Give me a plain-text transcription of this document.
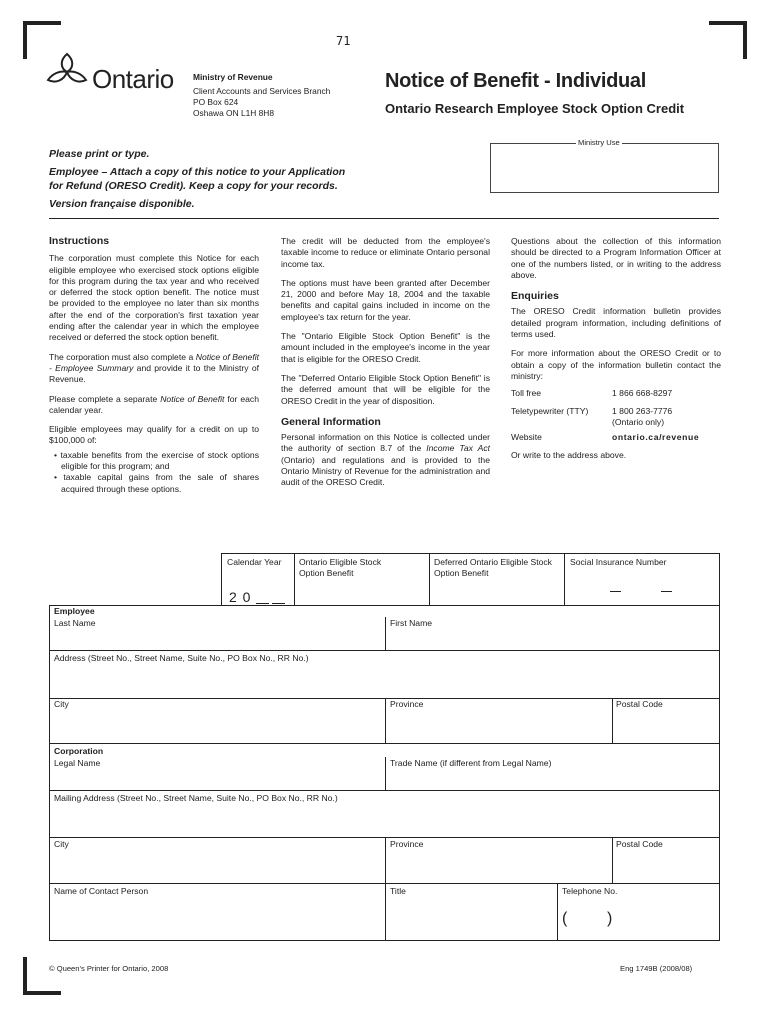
71
Ontario Ministry of Revenue
Client Accounts and Services Branch
PO Box 624
Oshawa ON L1H 8H8
Notice of Benefit - Individual
Ontario Research Employee Stock Option Credit
Ministry Use
Please print or type.
Employee – Attach a copy of this notice to your Application
for Refund (ORESO Credit). Keep a copy for your records.
Version française disponible.
Instructions

The corporation must complete this Notice for each eligible employee who exercised stock options eligible for this program during the tax year and who received or deferred the stock option benefit. The notice must be provided to the employee no later than six months after the end of the corporation's first taxation year ending after the calendar year in which the employee received or deferred the stock option benefit.

The corporation must also complete a Notice of Benefit - Employee Summary and provide it to the Ministry of Revenue.

Please complete a separate Notice of Benefit for each calendar year.

Eligible employees may qualify for a credit on up to $100,000 of:

• taxable benefits from the exercise of stock options eligible for this program; and

• taxable capital gains from the sale of shares acquired through these options.

The credit will be deducted from the employee's taxable income to reduce or eliminate Ontario personal income tax.

The options must have been granted after December 21, 2000 and before May 18, 2004 and the taxable benefits and capital gains included in income on the employee's tax return for the year.

The "Ontario Eligible Stock Option Benefit" is the amount included in the employee's income in the year that is eligible for the ORESO Credit.

The "Deferred Ontario Eligible Stock Option Benefit" is the deferred amount that will be eligible for the ORESO Credit in the year of disposition.

General Information

Personal information on this Notice is collected under the authority of section 8.7 of the Income Tax Act (Ontario) and regulations and is provided to the Ontario Ministry of Revenue for the administration and audit of the ORESO Credit.

Questions about the collection of this information should be directed to a Program Information Officer at one of the numbers listed, or in writing to the address above.

Enquiries

The ORESO Credit information bulletin provides detailed program information, including definitions of terms used.

For more information about the ORESO Credit or to obtain a copy of the information bulletin contact the ministry:

Toll free	1 866 668-8297
Teletypewriter (TTY)	1 800 263-7776
(Ontario only)
Website	ontario.ca/revenue

Or write to the address above.

Calendar Year
2 0
Ontario Eligible Stock Option Benefit
Deferred Ontario Eligible Stock Option Benefit
Social Insurance Number
Employee
Last Name	First Name
Address (Street No., Street Name, Suite No., PO Box No., RR No.)
City	Province	Postal Code
Corporation
Legal Name	Trade Name (if different from Legal Name)
Mailing Address (Street No., Street Name, Suite No., PO Box No., RR No.)
City	Province	Postal Code
Name of Contact Person	Title	Telephone No.
( )
© Queen's Printer for Ontario, 2008	Eng 1749B (2008/08)
